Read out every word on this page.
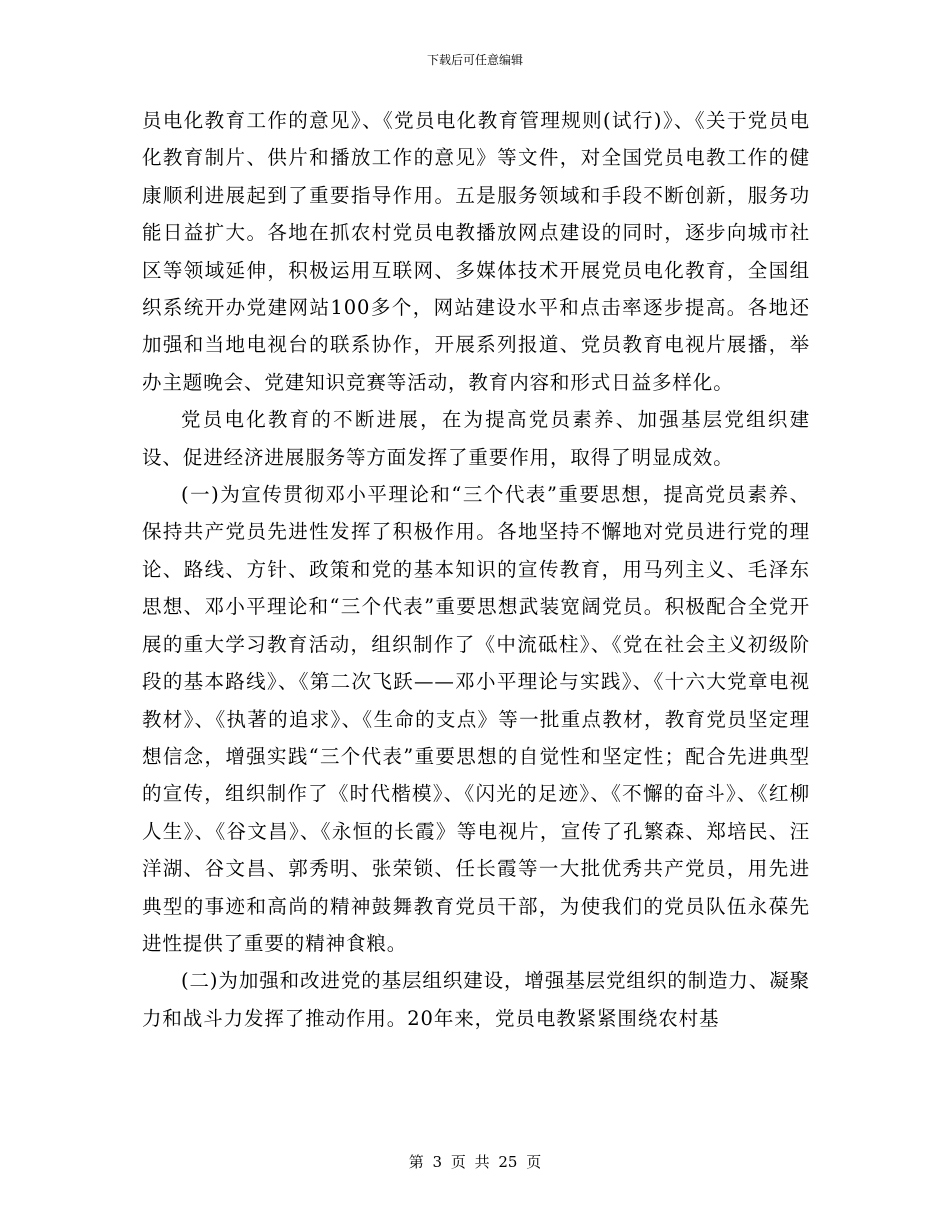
下载后可任意编辑

员电化教育工作的意见》、《党员电化教育管理规则(试行)》、《关于党员电化教育制片、供片和播放工作的意见》等文件，对全国党员电教工作的健康顺利进展起到了重要指导作用。五是服务领域和手段不断创新，服务功能日益扩大。各地在抓农村党员电教播放网点建设的同时，逐步向城市社区等领域延伸，积极运用互联网、多媒体技术开展党员电化教育，全国组织系统开办党建网站100多个，网站建设水平和点击率逐步提高。各地还加强和当地电视台的联系协作，开展系列报道、党员教育电视片展播，举办主题晚会、党建知识竞赛等活动，教育内容和形式日益多样化。

党员电化教育的不断进展，在为提高党员素养、加强基层党组织建设、促进经济进展服务等方面发挥了重要作用，取得了明显成效。

(一)为宣传贯彻邓小平理论和“三个代表”重要思想，提高党员素养、保持共产党员先进性发挥了积极作用。各地坚持不懈地对党员进行党的理论、路线、方针、政策和党的基本知识的宣传教育，用马列主义、毛泽东思想、邓小平理论和“三个代表”重要思想武装宽阔党员。积极配合全党开展的重大学习教育活动，组织制作了《中流砥柱》、《党在社会主义初级阶段的基本路线》、《第二次飞跃——邓小平理论与实践》、《十六大党章电视教材》、《执著的追求》、《生命的支点》等一批重点教材，教育党员坚定理想信念，增强实践“三个代表”重要思想的自觉性和坚定性；配合先进典型的宣传，组织制作了《时代楷模》、《闪光的足迹》、《不懈的奋斗》、《红柳人生》、《谷文昌》、《永恒的长霞》等电视片，宣传了孔繁森、郑培民、汪洋湖、谷文昌、郭秀明、张荣锁、任长霞等一大批优秀共产党员，用先进典型的事迹和高尚的精神鼓舞教育党员干部，为使我们的党员队伍永葆先进性提供了重要的精神食粮。

(二)为加强和改进党的基层组织建设，增强基层党组织的制造力、凝聚力和战斗力发挥了推动作用。20年来，党员电教紧紧围绕农村基

第 3 页 共 25 页
